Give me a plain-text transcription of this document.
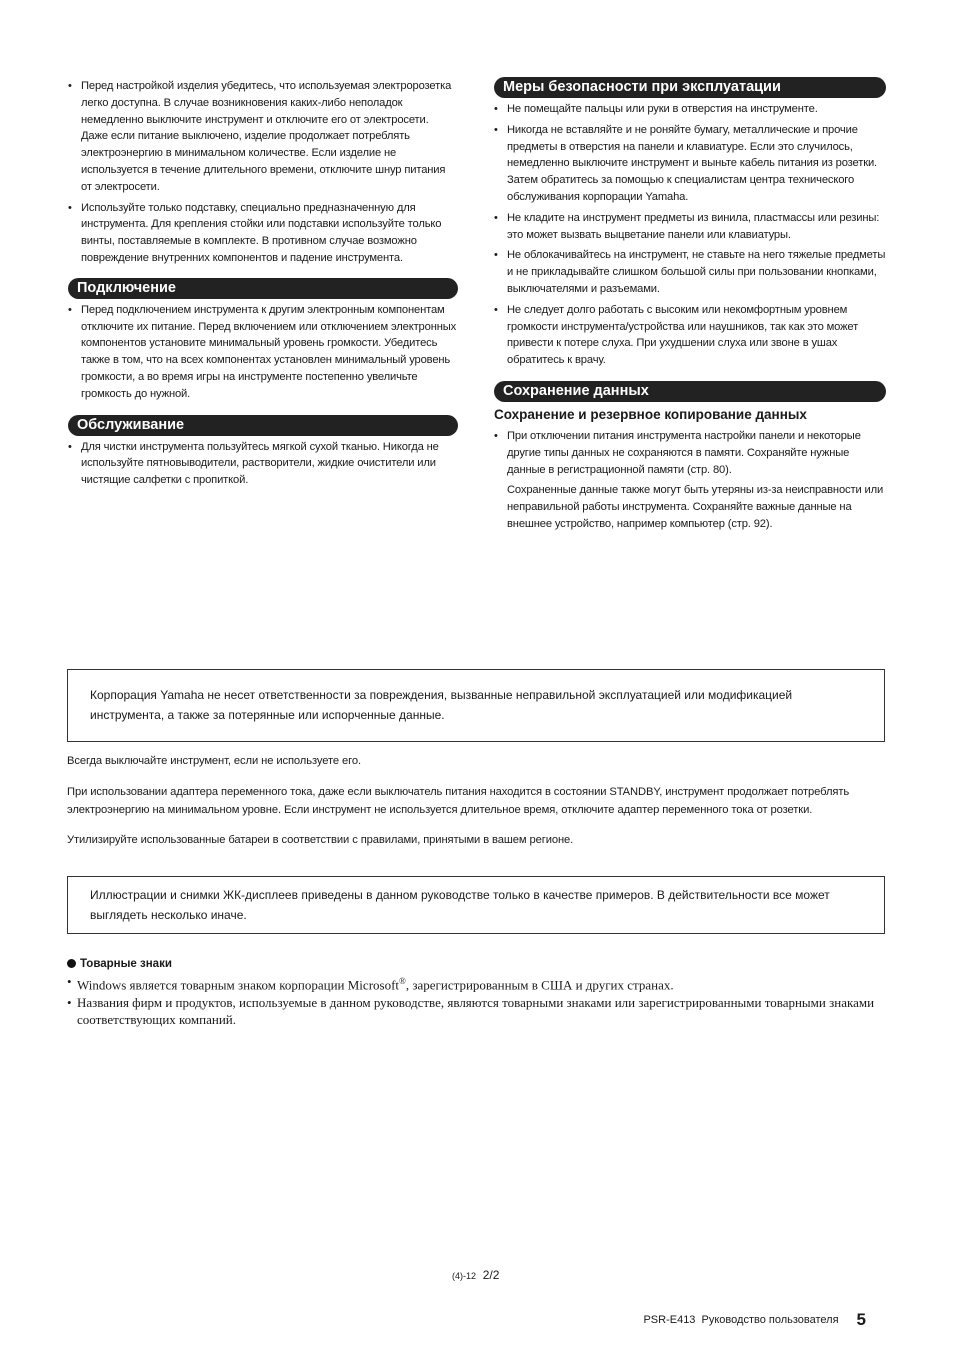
• Перед настройкой изделия убедитесь, что используемая электророзетка легко доступна. В случае возникновения каких-либо неполадок немедленно выключите инструмент и отключите его от электросети. Даже если питание выключено, изделие продолжает потреблять электроэнергию в минимальном количестве. Если изделие не используется в течение длительного времени, отключите шнур питания от электросети.
• Используйте только подставку, специально предназначенную для инструмента. Для крепления стойки или подставки используйте только винты, поставляемые в комплекте. В противном случае возможно повреждение внутренних компонентов и падение инструмента.
Подключение
• Перед подключением инструмента к другим электронным компонентам отключите их питание. Перед включением или отключением электронных компонентов установите минимальный уровень громкости. Убедитесь также в том, что на всех компонентах установлен минимальный уровень громкости, а во время игры на инструменте постепенно увеличьте громкость до нужной.
Обслуживание
• Для чистки инструмента пользуйтесь мягкой сухой тканью. Никогда не используйте пятновыводители, растворители, жидкие очистители или чистящие салфетки с пропиткой.
Меры безопасности при эксплуатации
• Не помещайте пальцы или руки в отверстия на инструменте.
• Никогда не вставляйте и не роняйте бумагу, металлические и прочие предметы в отверстия на панели и клавиатуре. Если это случилось, немедленно выключите инструмент и выньте кабель питания из розетки. Затем обратитесь за помощью к специалистам центра технического обслуживания корпорации Yamaha.
• Не кладите на инструмент предметы из винила, пластмассы или резины: это может вызвать выцветание панели или клавиатуры.
• Не облокачивайтесь на инструмент, не ставьте на него тяжелые предметы и не прикладывайте слишком большой силы при пользовании кнопками, выключателями и разъемами.
• Не следует долго работать с высоким или некомфортным уровнем громкости инструмента/устройства или наушников, так как это может привести к потере слуха. При ухудшении слуха или звоне в ушах обратитесь к врачу.
Сохранение данных
Сохранение и резервное копирование данных
• При отключении питания инструмента настройки панели и некоторые другие типы данных не сохраняются в памяти. Сохраняйте нужные данные в регистрационной памяти (стр. 80).

Сохраненные данные также могут быть утеряны из-за неисправности или неправильной работы инструмента. Сохраняйте важные данные на внешнее устройство, например компьютер (стр. 92).

Корпорация Yamaha не несет ответственности за повреждения, вызванные неправильной эксплуатацией или модификацией инструмента, а также за потерянные или испорченные данные.
Всегда выключайте инструмент, если не используете его.
При использовании адаптера переменного тока, даже если выключатель питания находится в состоянии STANDBY, инструмент продолжает потреблять электроэнергию на минимальном уровне. Если инструмент не используется длительное время, отключите адаптер переменного тока от розетки.
Утилизируйте использованные батареи в соответствии с правилами, принятыми в вашем регионе.
Иллюстрации и снимки ЖК-дисплеев приведены в данном руководстве только в качестве примеров. В действительности все может выглядеть несколько иначе.
Товарные знаки
• Windows является товарным знаком корпорации Microsoft®, зарегистрированным в США и других странах.
• Названия фирм и продуктов, используемые в данном руководстве, являются товарными знаками или зарегистрированными товарными знаками соответствующих компаний.
(4)-12 2/2
PSR-E413  Руководство пользователя 5
